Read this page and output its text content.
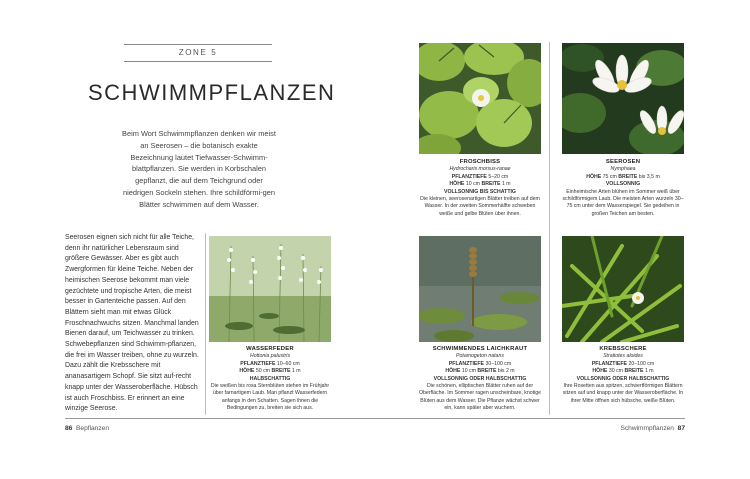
ZONE 5
SCHWIMMPFLANZEN
Beim Wort Schwimmpflanzen denken wir meist an Seerosen – die botanisch exakte Bezeichnung lautet Tiefwasser-Schwimm-blattpflanzen. Sie werden in Korbschalen gepflanzt, die auf dem Teichgrund oder niedrigen Sockeln stehen. Ihre schildförmi-gen Blätter schwimmen auf dem Wasser.
Seerosen eignen sich nicht für alle Teiche, denn ihr natürlicher Lebensraum sind größere Gewässer. Aber es gibt auch Zwergformen für kleine Teiche. Neben der heimischen Seerose bekommt man viele gezüchtete und tropische Arten, die meist besser in Gartenteiche passen. Auf den Blättern sieht man mit etwas Glück Froschnachwuchs sitzen. Manchmal landen Bienen darauf, um Teichwasser zu trinken. Schwebepflanzen sind Schwimm-pflanzen, die frei im Wasser treiben, ohne zu wurzeln. Dazu zählt die Krebsschere mit ananasartigem Schopf. Sie sitzt auf-recht knapp unter der Wasseroberfläche. Hübsch ist auch Froschbiss. Er erinnert an eine winzige Seerose.
FROSCHBISS
Hydrocharis morsus-ranae
PFLANZTIEFE 5–20 cm
HÖHE 10 cm BREITE 1 m
VOLLSONNIG BIS SCHATTIG
Die kleinen, seerosenartigen Blätter treiben auf dem Wasser. In der zweiten Sommerhälfte schweben weiße und gelbe Blüten über ihnen.
SEEROSEN
Nymphaea
HÖHE 75 cm BREITE bis 3,5 m
VOLLSONNIG
Einheimische Arten blühen im Sommer weiß über schildförmigem Laub. Die meisten Arten wurzeln 30–75 cm unter dem Wasserspiegel. Sie gedeihen in großen Teichen am besten.
WASSERFEDER
Hottonia palustris
PFLANZTIEFE 10–60 cm
HÖHE 50 cm BREITE 1 m
HALBSCHATTIG
Die weißen bis rosa Sternblüten stehen im Frühjahr über farnartigem Laub. Man pflanzt Wasserfedern anfangs in den Schatten. Sagen ihnen die Bedingungen zu, breiten sie sich aus.
SCHWIMMENDES LAICHKRAUT
Potamogeton natans
PFLANZTIEFE 30–100 cm
HÖHE 10 cm BREITE bis 2 m
VOLLSONNIG ODER HALBSCHATTIG
Die schönen, elliptischen Blätter ruhen auf der Oberfläche. Im Sommer ragen unscheinbare, knotige Blüten aus dem Wasser. Die Pflanze wächst schwer ein, kann später aber wuchern.
KREBSSCHERE
Stratiotes aloides
PFLANZTIEFE 20–100 cm
HÖHE 30 cm BREITE 1 m
VOLLSONNIG ODER HALBSCHATTIG
Ihre Rosetten aus spitzen, schwertförmigen Blättern sitzen auf und knapp unter der Wasseroberfläche. In ihrer Mitte öffnen sich hübsche, weiße Blüten.
86 Bepflanzen	Schwimmpflanzen 87
